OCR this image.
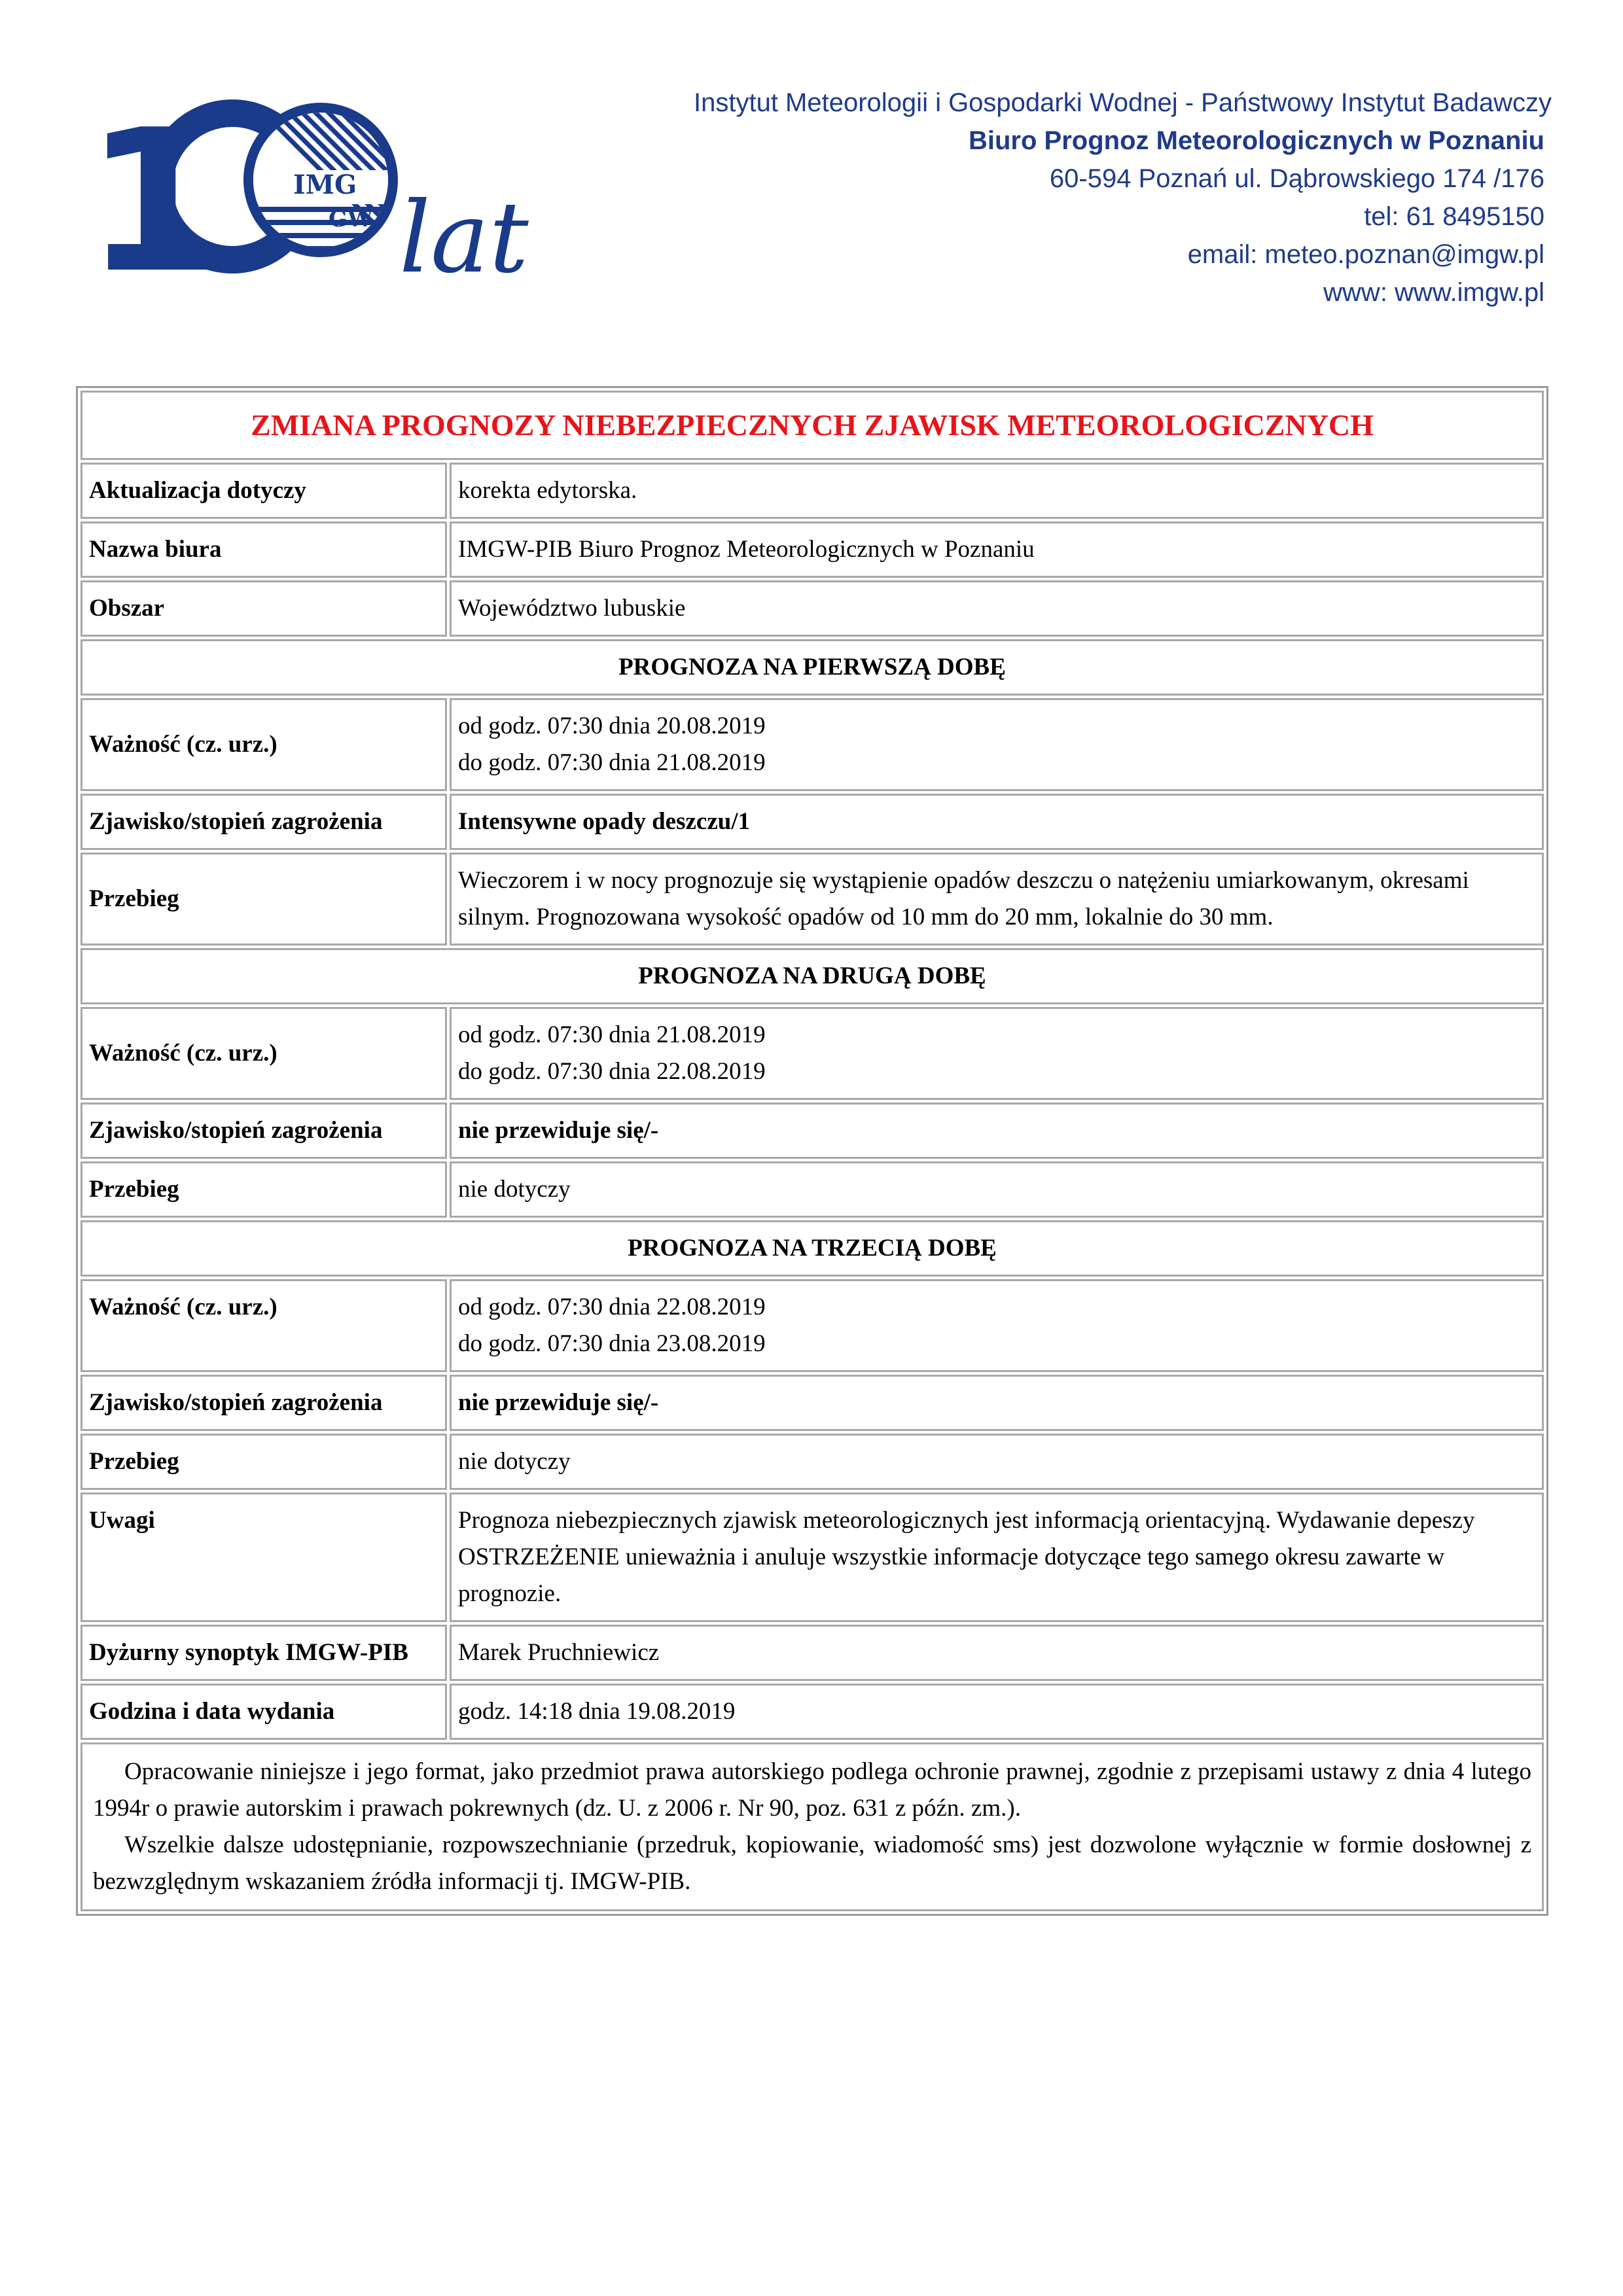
1	IMG
GW lat
Instytut Meteorologii i Gospodarki Wodnej - Państwowy Instytut Badawczy
Biuro Prognoz Meteorologicznych w Poznaniu
60-594 Poznań ul. Dąbrowskiego 174 /176
tel: 61 8495150
email: meteo.poznan@imgw.pl
www: www.imgw.pl
ZMIANA PROGNOZY NIEBEZPIECZNYCH ZJAWISK METEOROLOGICZNYCH	
Aktualizacja dotyczy	korekta edytorska.
Nazwa biura	IMGW-PIB Biuro Prognoz Meteorologicznych w Poznaniu
Obszar	Województwo lubuskie
PROGNOZA NA PIERWSZĄ DOBĘ	
Ważność (cz. urz.)	od godz. 07:30 dnia 20.08.2019
do godz. 07:30 dnia 21.08.2019

Zjawisko/stopień zagrożenia	Intensywne opady deszczu/1
Przebieg	Wieczorem i w nocy prognozuje się wystąpienie opadów deszczu o natężeniu umiarkowanym, okresami silnym. Prognozowana wysokość opadów od 10 mm do 20 mm, lokalnie do 30 mm.
PROGNOZA NA DRUGĄ DOBĘ	
Ważność (cz. urz.)	od godz. 07:30 dnia 21.08.2019
do godz. 07:30 dnia 22.08.2019

Zjawisko/stopień zagrożenia	nie przewiduje się/-
Przebieg	nie dotyczy
PROGNOZA NA TRZECIĄ DOBĘ	
Ważność (cz. urz.)	od godz. 07:30 dnia 22.08.2019
do godz. 07:30 dnia 23.08.2019

Zjawisko/stopień zagrożenia	nie przewiduje się/-
Przebieg	nie dotyczy
Uwagi	Prognoza niebezpiecznych zjawisk meteorologicznych jest informacją orientacyjną. Wydawanie depeszy OSTRZEŻENIE unieważnia i anuluje wszystkie informacje dotyczące tego samego okresu zawarte w prognozie.
Dyżurny synoptyk IMGW-PIB	Marek Pruchniewicz
Godzina i data wydania	godz. 14:18 dnia 19.08.2019

Opracowanie niniejsze i jego format, jako przedmiot prawa autorskiego podlega ochronie prawnej, zgodnie z przepisami ustawy z dnia 4 lutego 1994r o prawie autorskim i prawach pokrewnych (dz. U. z 2006 r. Nr 90, poz. 631 z późn. zm.).

Wszelkie dalsze udostępnianie, rozpowszechnianie (przedruk, kopiowanie, wiadomość sms) jest dozwolone wyłącznie w formie dosłownej z bezwzględnym wskazaniem źródła informacji tj. IMGW-PIB.	
